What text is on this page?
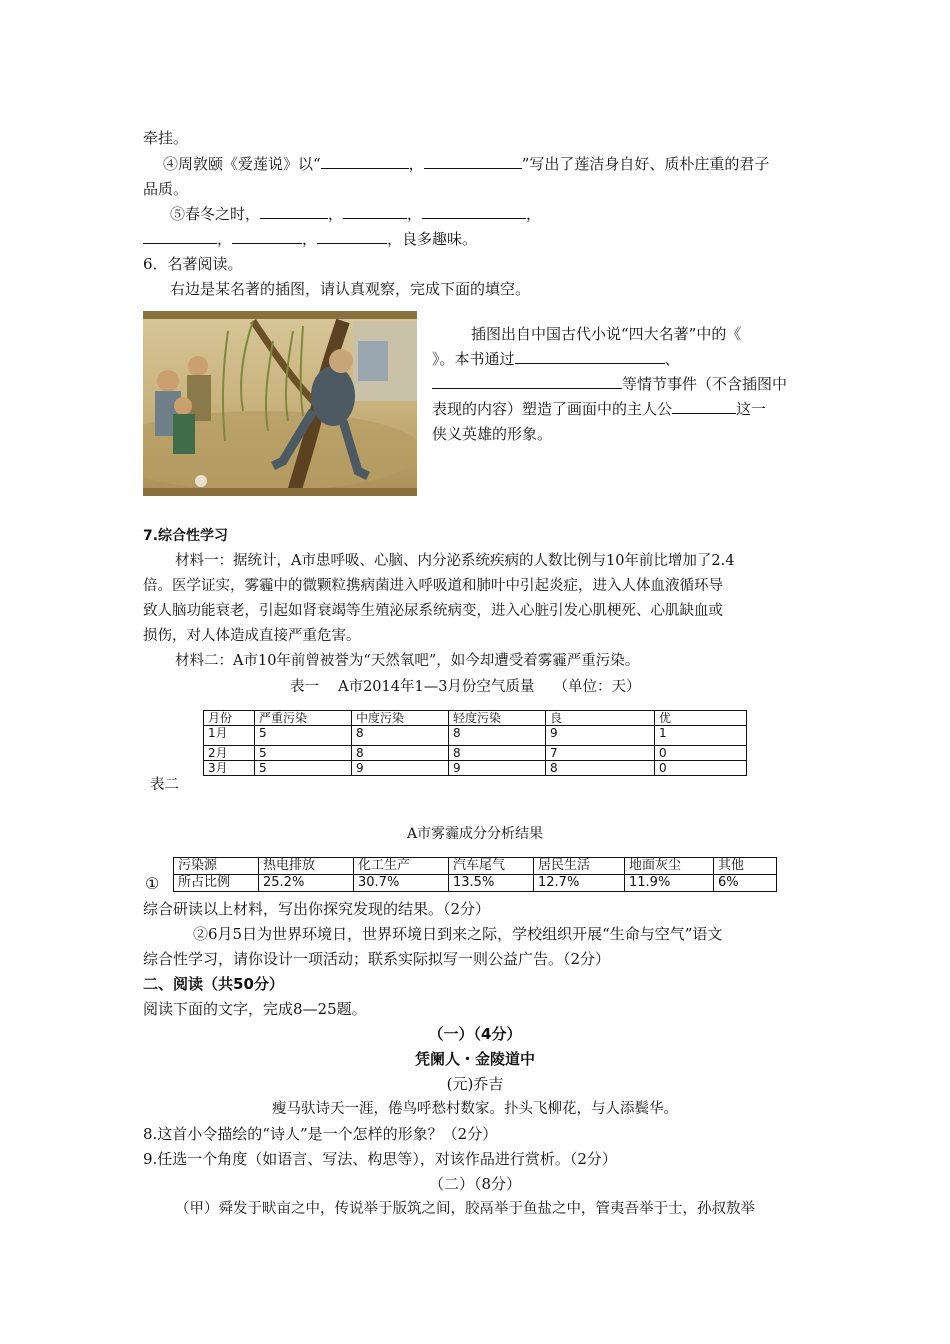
牵挂。
④周敦颐《爱莲说》以“	，	”写出了莲洁身自好、质朴庄重的君子
品质。
⑤春冬之时，	，	，	，
，	，	，良多趣味。
6．名著阅读。
右边是某名著的插图，请认真观察，完成下面的填空。
插图出自中国古代小说“四大名著”中的《
》。本书通过	、
等情节事件（不含插图中
表现的内容）塑造了画面中的主人公	这一
侠义英雄的形象。
7.综合性学习
材料一：据统计，A市患呼吸、心脑、内分泌系统疾病的人数比例与10年前比增加了2.4
倍。医学证实，雾霾中的微颗粒携病菌进入呼吸道和肺叶中引起炎症，进入人体血液循环导
致人脑功能衰老，引起如肾衰竭等生殖泌尿系统病变，进入心脏引发心肌梗死、心肌缺血或
损伤，对人体造成直接严重危害。
材料二：A市10年前曾被誉为“天然氧吧”，如今却遭受着雾霾严重污染。
表一　 A市2014年1—3月份空气质量　 （单位：天）
月份	严重污染	中度污染	轻度污染	良	优
1月	5	8	8	9	1
2月	5	8	8	7	0
3月	5	9	9	8	0
表二
A市雾霾成分分析结果
①
污染源	热电排放	化工生产	汽车尾气	居民生活	地面灰尘	其他
所占比例	25.2%	30.7%	13.5%	12.7%	11.9%	6%
综合研读以上材料，写出你探究发现的结果。（2分）
②6月5日为世界环境日，世界环境日到来之际，学校组织开展“生命与空气”语文
综合性学习，请你设计一项活动；联系实际拟写一则公益广告。（2分）
二、阅读（共50分）
阅读下面的文字，完成8—25题。
（一）（4分）
凭阑人・金陵道中
(元)乔吉
瘦马驮诗天一涯，倦鸟呼愁村数家。扑头飞柳花，与人添鬓华。
8.这首小令描绘的“诗人”是一个怎样的形象？（2分）
9.任选一个角度（如语言、写法、构思等），对该作品进行赏析。（2分）
（二）（8分）
（甲）舜发于畎亩之中，传说举于版筑之间，胶鬲举于鱼盐之中，管夷吾举于士，孙叔敖举
